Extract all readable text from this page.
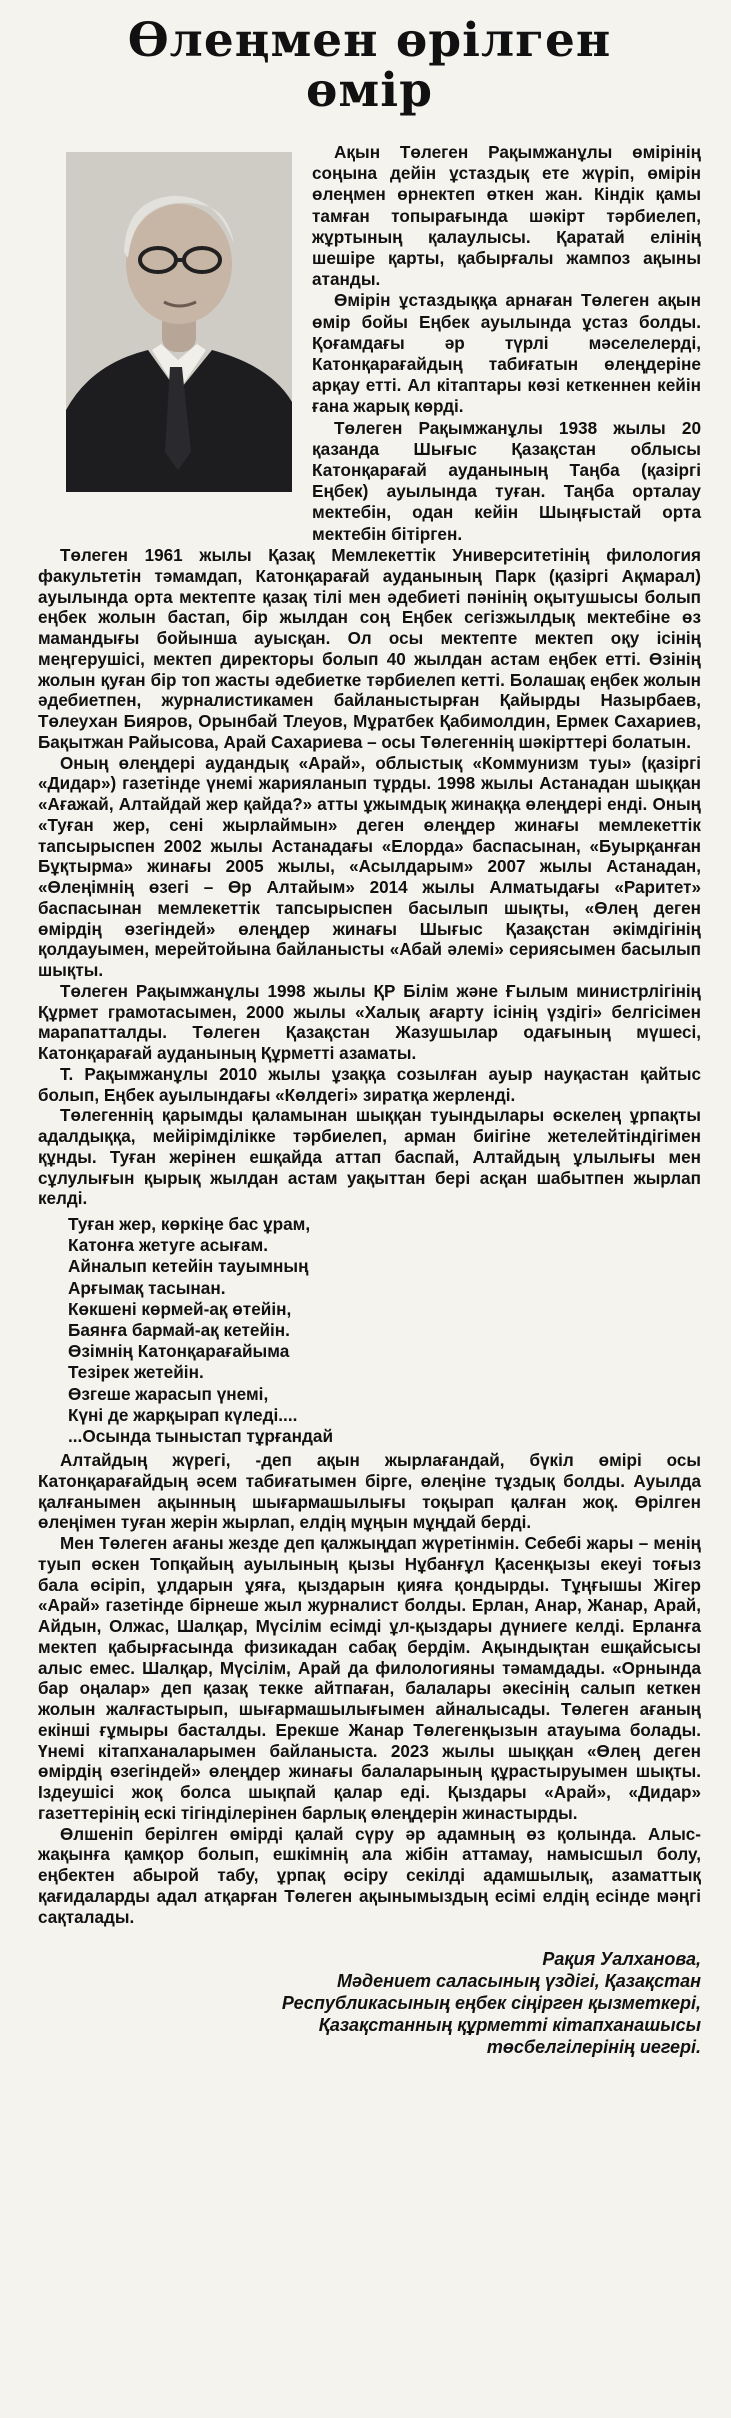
Өлеңмен өрілген
өмір

Ақын Төлеген Рақымжанұлы өмірінің соңына дейін ұстаздық ете жүріп, өмірін өлеңмен өрнектеп өткен жан. Кіндік қамы тамған топырағында шәкірт тәрбиелеп, жұртының қалаулысы. Қаратай елінің шешіре қарты, қабырғалы жампоз ақыны атанды.

Өмірін ұстаздыққа арнаған Төлеген ақын өмір бойы Еңбек ауылында ұстаз болды. Қоғамдағы әр түрлі мәселелерді, Катонқарағайдың табиғатын өлеңдеріне арқау етті. Ал кітаптары көзі кеткеннен кейін ғана жарық көрді.

Төлеген Рақымжанұлы 1938 жылы 20 қазанда Шығыс Қазақстан облысы Катонқарағай ауданының Таңба (қазіргі Еңбек) ауылында туған. Таңба орталау мектебін, одан кейін Шыңғыстай орта мектебін бітірген.

Төлеген 1961 жылы Қазақ Мемлекеттік Университетінің филология факультетін тәмамдап, Катонқарағай ауданының Парк (қазіргі Ақмарал) ауылында орта мектепте қазақ тілі мен әдебиеті пәнінің оқытушысы болып еңбек жолын бастап, бір жылдан соң Еңбек сегізжылдық мектебіне өз мамандығы бойынша ауысқан. Ол осы мектепте мектеп оқу ісінің меңгерушісі, мектеп директоры болып 40 жылдан астам еңбек етті. Өзінің жолын қуған бір топ жасты әдебиетке тәрбиелеп кетті. Болашақ еңбек жолын әдебиетпен, журналистикамен байланыстырған Қайырды Назырбаев, Төлеухан Бияров, Орынбай Тлеуов, Мұратбек Қабимолдин, Ермек Сахариев, Бақытжан Райысова, Арай Сахариева – осы Төлегеннің шәкірттері болатын.

Оның өлеңдері аудандық «Арай», облыстық «Коммунизм туы» (қазіргі «Дидар») газетінде үнемі жарияланып тұрды. 1998 жылы Астанадан шыққан «Ағажай, Алтайдай жер қайда?» атты ұжымдық жинаққа өлеңдері енді. Оның «Туған жер, сені жырлаймын» деген өлеңдер жинағы мемлекеттік тапсырыспен 2002 жылы Астанадағы «Елорда» баспасынан, «Буырқанған Бұқтырма» жинағы 2005 жылы, «Асылдарым» 2007 жылы Астанадан, «Өлеңімнің өзегі – Өр Алтайым» 2014 жылы Алматыдағы «Раритет» баспасынан мемлекеттік тапсырыспен басылып шықты, «Өлең деген өмірдің өзегіндей» өлеңдер жинағы Шығыс Қазақстан әкімдігінің қолдауымен, мерейтойына байланысты «Абай әлемі» сериясымен басылып шықты.

Төлеген Рақымжанұлы 1998 жылы ҚР Білім және Ғылым министрлігінің Құрмет грамотасымен, 2000 жылы «Халық ағарту ісінің үздігі» белгісімен марапатталды. Төлеген Қазақстан Жазушылар одағының мүшесі, Катонқарағай ауданының Құрметті азаматы.

Т. Рақымжанұлы 2010 жылы ұзаққа созылған ауыр науқастан қайтыс болып, Еңбек ауылындағы «Көлдегі» зиратқа жерленді.

Төлегеннің қарымды қаламынан шыққан туындылары өскелең ұрпақты адалдыққа, мейірімділікке тәрбиелеп, арман биігіне жетелейтіндігімен құнды. Туған жерінен ешқайда аттап баспай, Алтайдың ұлылығы мен сұлулығын қырық жылдан астам уақыттан бері асқан шабытпен жырлап келді.

Туған жер, көркіңе бас ұрам,
Катонға жетуге асығам.
Айналып кетейін тауымның
Арғымақ тасынан.
Көкшені көрмей-ақ өтейін,
Баянға бармай-ақ кетейін.
Өзімнің Катонқарағайыма
Тезірек жетейін.
Өзгеше жарасып үнемі,
Күні де жарқырап күледі....
...Осында тыныстап тұрғандай

Алтайдың жүрегі, -деп ақын жырлағандай, бүкіл өмірі осы Катонқарағайдың әсем табиғатымен бірге, өлеңіне тұздық болды. Ауылда қалғанымен ақынның шығармашылығы тоқырап қалған жоқ. Өрілген өлеңімен туған жерін жырлап, елдің мұңын мұңдай берді.

Мен Төлеген ағаны жезде деп қалжыңдап жүретінмін. Себебі жары – менің туып өскен Топқайың ауылының қызы Нұбанғұл Қасенқызы екеуі тоғыз бала өсіріп, ұлдарын ұяға, қыздарын қияға қондырды. Тұңғышы Жігер «Арай» газетінде бірнеше жыл журналист болды. Ерлан, Анар, Жанар, Арай, Айдын, Олжас, Шалқар, Мүсілім есімді ұл-қыздары дүниеге келді. Ерланға мектеп қабырғасында физикадан сабақ бердім. Ақындықтан ешқайсысы алыс емес. Шалқар, Мүсілім, Арай да филологияны тәмамдады. «Орнында бар оңалар» деп қазақ текке айтпаған, балалары әкесінің салып кеткен жолын жалғастырып, шығармашылығымен айналысады. Төлеген ағаның екінші ғұмыры басталды. Ерекше Жанар Төлегенқызын атауыма болады. Үнемі кітапханаларымен байланыста. 2023 жылы шыққан «Өлең деген өмірдің өзегіндей» өлеңдер жинағы балаларының құрастыруымен шықты. Іздеушісі жоқ болса шықпай қалар еді. Қыздары «Арай», «Дидар» газеттерінің ескі тігінділерінен барлық өлеңдерін жинастырды.

Өлшеніп берілген өмірді қалай сүру әр адамның өз қолында. Алыс-жақынға қамқор болып, ешкімнің ала жібін аттамау, намысшыл болу, еңбектен абырой табу, ұрпақ өсіру секілді адамшылық, азаматтық қағидаларды адал атқарған Төлеген ақынымыздың есімі елдің есінде мәңгі сақталады.

Рақия Уалханова,
Мәдениет саласының үздігі, Қазақстан
Республикасының еңбек сіңірген қызметкері,
Қазақстанның құрметті кітапханашысы
төсбелгілерінің иегері.
